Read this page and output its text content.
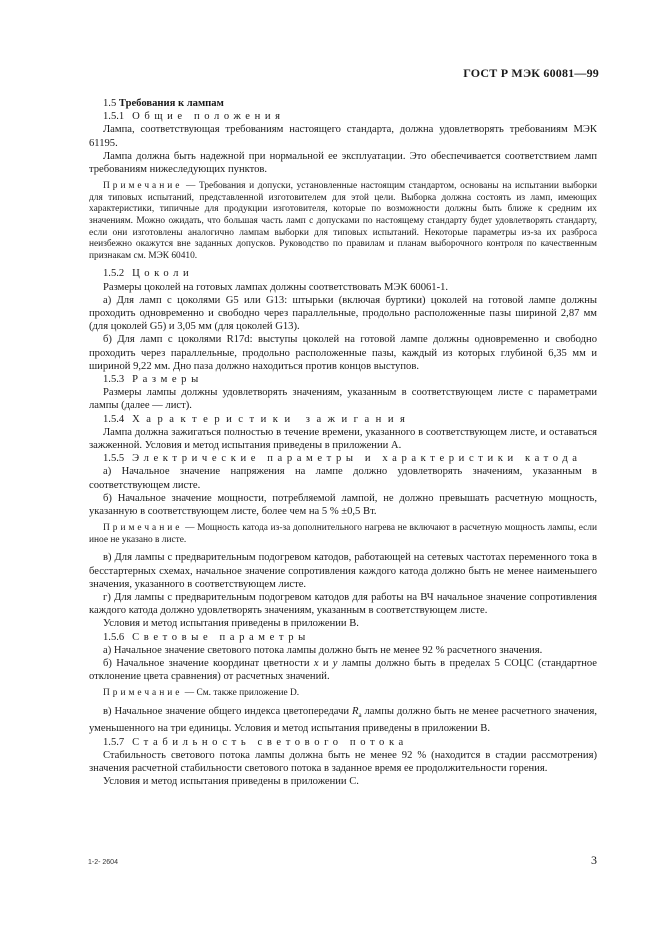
ГОСТ Р МЭК 60081—99

1.5 Требования к лампам

1.5.1 Общие положения

Лампа, соответствующая требованиям настоящего стандарта, должна удовлетворять требованиям МЭК 61195.

Лампа должна быть надежной при нормальной ее эксплуатации. Это обеспечивается соответствием ламп требованиям нижеследующих пунктов.

Примечание — Требования и допуски, установленные настоящим стандартом, основаны на испытании выборки для типовых испытаний, представленной изготовителем для этой цели. Выборка должна состоять из ламп, имеющих характеристики, типичные для продукции изготовителя, которые по возможности должны быть ближе к средним их значениям. Можно ожидать, что большая часть ламп с допусками по настоящему стандарту будет удовлетворять стандарту, если они изготовлены аналогично лампам выборки для типовых испытаний. Некоторые параметры из-за их разброса неизбежно окажутся вне заданных допусков. Руководство по правилам и планам выборочного контроля по качественным признакам см. МЭК 60410.

1.5.2 Цоколи

Размеры цоколей на готовых лампах должны соответствовать МЭК 60061-1.

а) Для ламп с цоколями G5 или G13: штырьки (включая буртики) цоколей на готовой лампе должны проходить одновременно и свободно через параллельные, продольно расположенные пазы шириной 2,87 мм (для цоколей G5) и 3,05 мм (для цоколей G13).

б) Для ламп с цоколями R17d: выступы цоколей на готовой лампе должны одновременно и свободно проходить через параллельные, продольно расположенные пазы, каждый из которых глубиной 6,35 мм и шириной 9,22 мм. Дно паза должно находиться против концов выступов.

1.5.3 Размеры

Размеры лампы должны удовлетворять значениям, указанным в соответствующем листе с параметрами лампы (далее — лист).

1.5.4 Характеристики зажигания

Лампа должна зажигаться полностью в течение времени, указанного в соответствующем листе, и оставаться зажженной. Условия и метод испытания приведены в приложении А.

1.5.5 Электрические параметры и характеристики катода

а) Начальное значение напряжения на лампе должно удовлетворять значениям, указанным в соответствующем листе.

б) Начальное значение мощности, потребляемой лампой, не должно превышать расчетную мощность, указанную в соответствующем листе, более чем на 5 % ±0,5 Вт.

Примечание — Мощность катода из-за дополнительного нагрева не включают в расчетную мощность лампы, если иное не указано в листе.

в) Для лампы с предварительным подогревом катодов, работающей на сетевых частотах переменного тока в бесстартерных схемах, начальное значение сопротивления каждого катода должно быть не менее наименьшего значения, указанного в соответствующем листе.

г) Для лампы с предварительным подогревом катодов для работы на ВЧ начальное значение сопротивления каждого катода должно удовлетворять значениям, указанным в соответствующем листе.

Условия и метод испытания приведены в приложении В.

1.5.6 Световые параметры

а) Начальное значение светового потока лампы должно быть не менее 92 % расчетного значения.

б) Начальное значение координат цветности x и y лампы должно быть в пределах 5 СОЦС (стандартное отклонение цвета сравнения) от расчетных значений.

Примечание — См. также приложение D.

в) Начальное значение общего индекса цветопередачи $R_a$ лампы должно быть не менее расчетного значения, уменьшенного на три единицы. Условия и метод испытания приведены в приложении В.

1.5.7 Стабильность светового потока

Стабильность светового потока лампы должна быть не менее 92 % (находится в стадии рассмотрения) значения расчетной стабильности светового потока в заданное время ее продолжительности горения.

Условия и метод испытания приведены в приложении С.

1-2- 2604	3
